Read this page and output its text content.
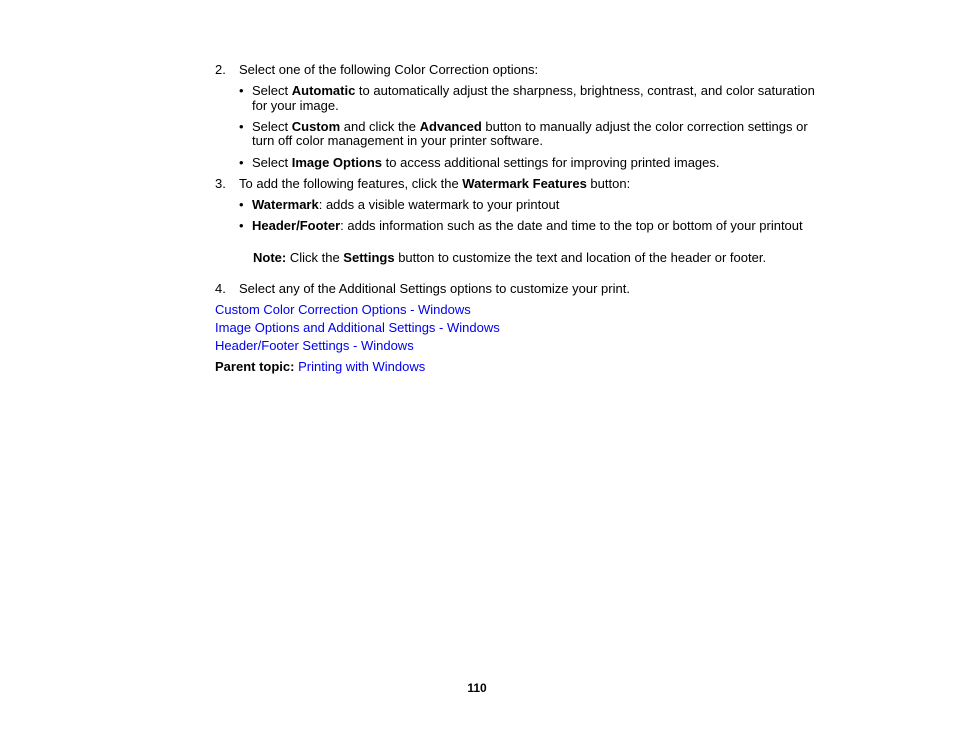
2. Select one of the following Color Correction options:
• Select Automatic to automatically adjust the sharpness, brightness, contrast, and color saturation
for your image.
• Select Custom and click the Advanced button to manually adjust the color correction settings or
turn off color management in your printer software.
• Select Image Options to access additional settings for improving printed images.
3. To add the following features, click the Watermark Features button:
• Watermark: adds a visible watermark to your printout
• Header/Footer: adds information such as the date and time to the top or bottom of your printout
Note: Click the Settings button to customize the text and location of the header or footer.
4. Select any of the Additional Settings options to customize your print.
Custom Color Correction Options - Windows
Image Options and Additional Settings - Windows
Header/Footer Settings - Windows
Parent topic: Printing with Windows
110
